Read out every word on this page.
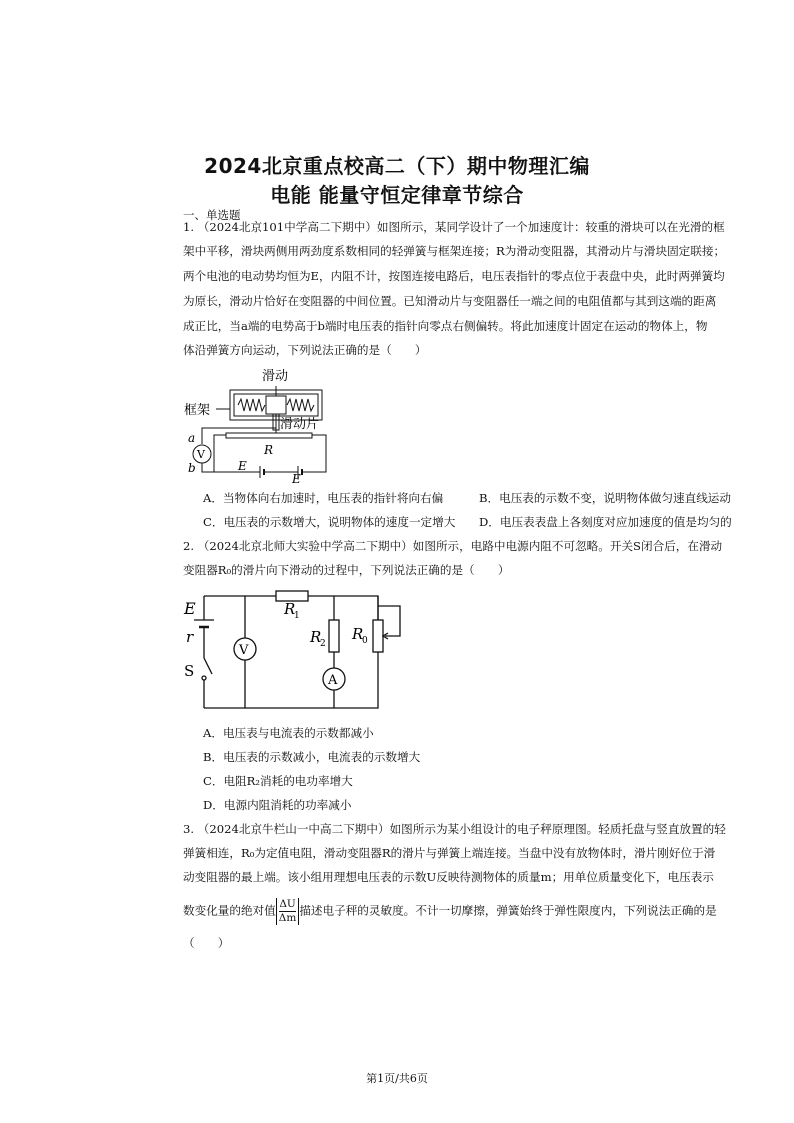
2024北京重点校高二（下）期中物理汇编
电能 能量守恒定律章节综合
一、单选题
1. （2024北京101中学高二下期中）如图所示，某同学设计了一个加速度计：较重的滑块可以在光滑的框
架中平移，滑块两侧用两劲度系数相同的轻弹簧与框架连接；R为滑动变阻器，其滑动片与滑块固定联接；
两个电池的电动势均恒为E，内阻不计，按图连接电路后，电压表指针的零点位于表盘中央，此时两弹簧均
为原长，滑动片恰好在变阻器的中间位置。已知滑动片与变阻器任一端之间的电阻值都与其到这端的距离
成正比，当a端的电势高于b端时电压表的指针向零点右侧偏转。将此加速度计固定在运动的物体上，物
体沿弹簧方向运动，下列说法正确的是（　　）
滑动
框架
滑动片
a
b
V	R
E
E
A．当物体向右加速时，电压表的指针将向右偏	B．电压表的示数不变，说明物体做匀速直线运动
C．电压表的示数增大，说明物体的速度一定增大 D．电压表表盘上各刻度对应加速度的值是均匀的
2. （2024北京北师大实验中学高二下期中）如图所示，电路中电源内阻不可忽略。开关S闭合后，在滑动
变阻器R₀的滑片向下滑动的过程中，下列说法正确的是（　　）
E
r
S
V
A
R
1
R
2
R
0
A．电压表与电流表的示数都减小
B．电压表的示数减小，电流表的示数增大
C．电阻R₂消耗的电功率增大
D．电源内阻消耗的功率减小
3. （2024北京牛栏山一中高二下期中）如图所示为某小组设计的电子秤原理图。轻质托盘与竖直放置的轻
弹簧相连，R₀为定值电阻，滑动变阻器R的滑片与弹簧上端连接。当盘中没有放物体时，滑片刚好位于滑
动变阻器的最上端。该小组用理想电压表的示数U反映待测物体的质量m；用单位质量变化下，电压表示
数变化量的绝对值 $\frac{\Delta U}{\Delta m}$ 描述电子秤的灵敏度。不计一切摩擦，弹簧始终于弹性限度内，下列说法正确的是
（　　）
第1页/共6页
